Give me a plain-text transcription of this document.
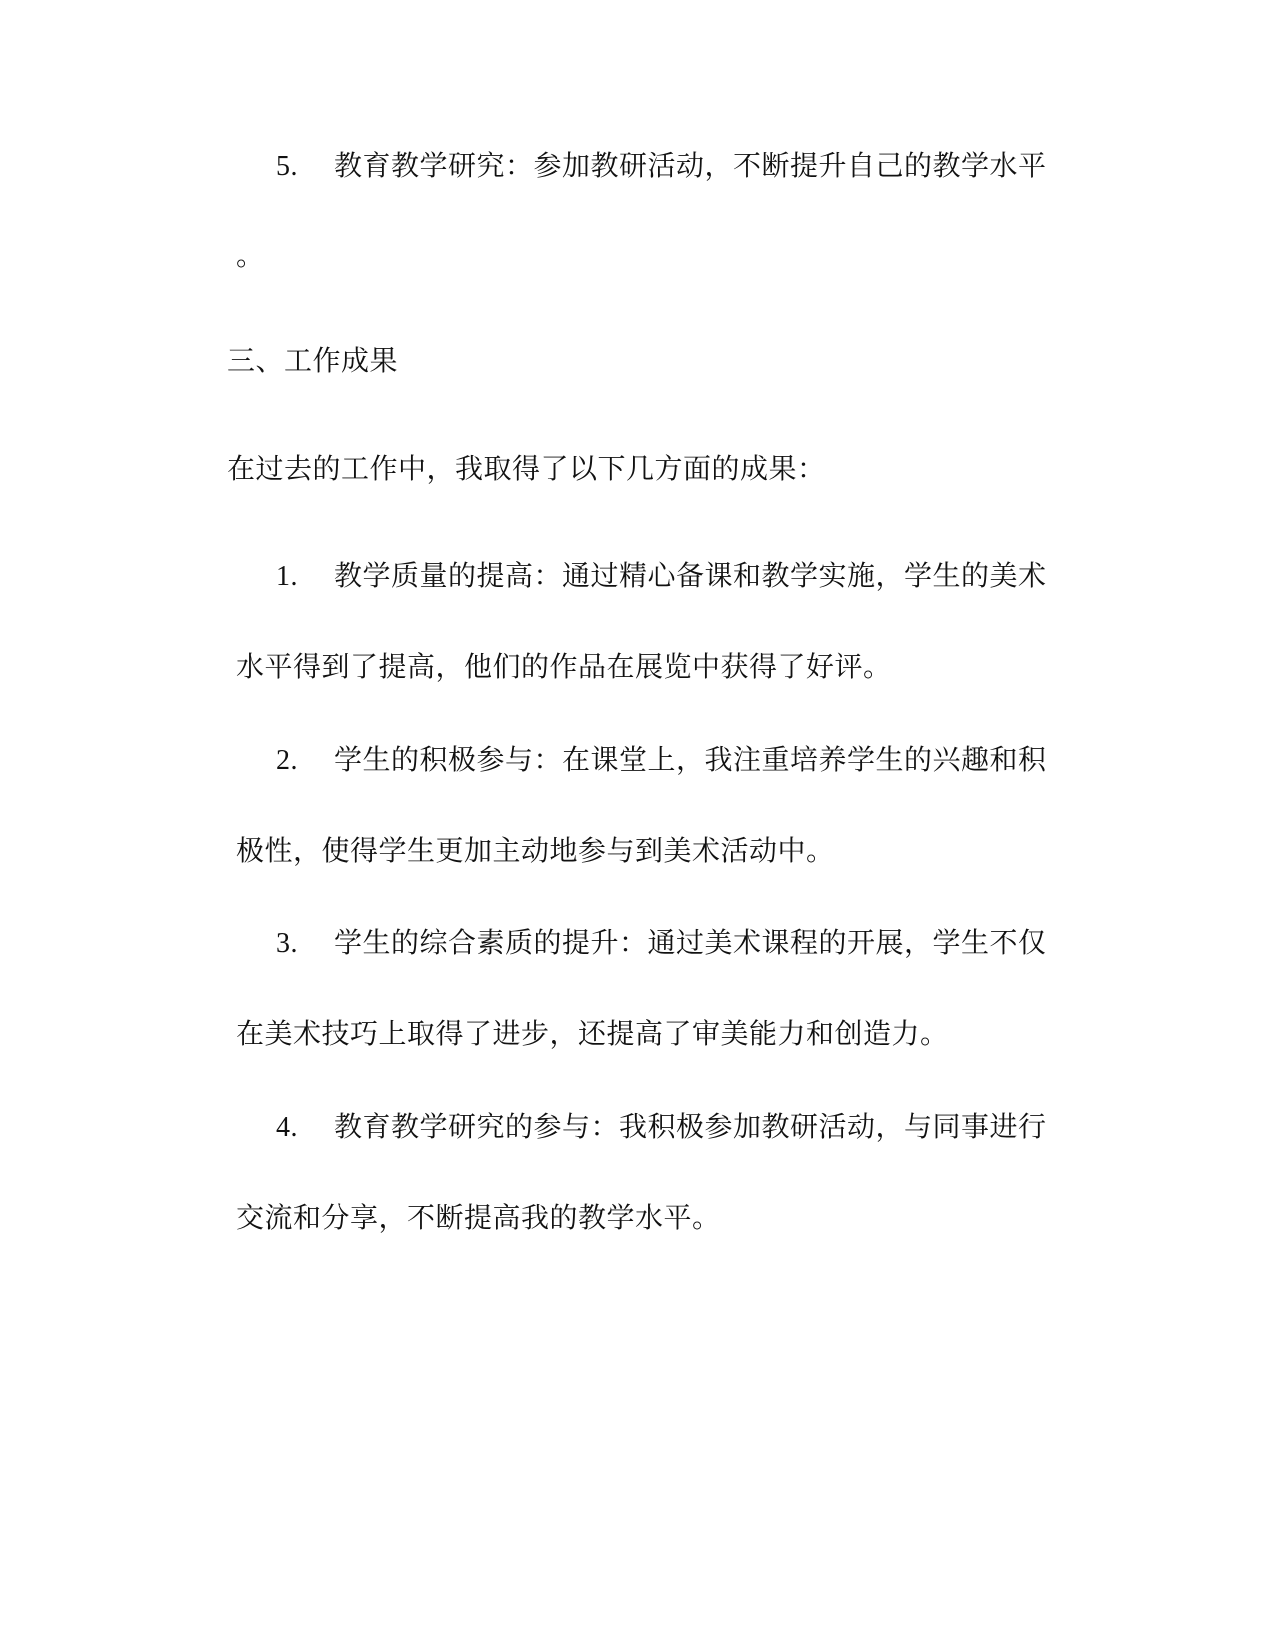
5. 教育教学研究：参加教研活动，不断提升自己的教学水平
。
三、工作成果
在过去的工作中，我取得了以下几方面的成果：
1. 教学质量的提高：通过精心备课和教学实施，学生的美术
水平得到了提高，他们的作品在展览中获得了好评。
2. 学生的积极参与：在课堂上，我注重培养学生的兴趣和积
极性，使得学生更加主动地参与到美术活动中。
3. 学生的综合素质的提升：通过美术课程的开展，学生不仅
在美术技巧上取得了进步，还提高了审美能力和创造力。
4. 教育教学研究的参与：我积极参加教研活动，与同事进行
交流和分享，不断提高我的教学水平。
